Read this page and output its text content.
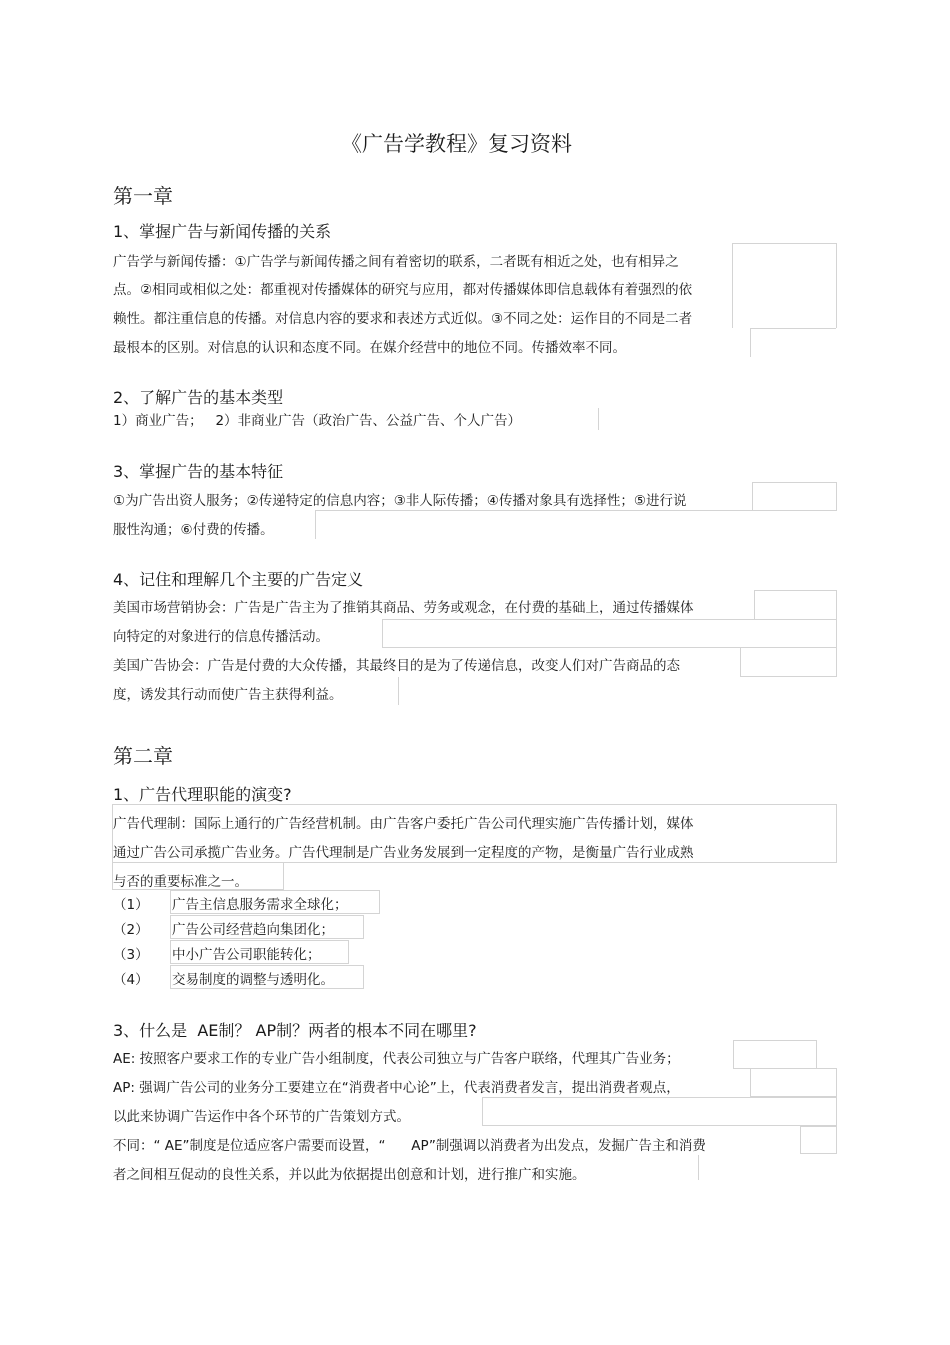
《广告学教程》复习资料
第一章
1、掌握广告与新闻传播的关系
广告学与新闻传播：①广告学与新闻传播之间有着密切的联系，二者既有相近之处，也有相异之
点。②相同或相似之处：都重视对传播媒体的研究与应用，都对传播媒体即信息载体有着强烈的依
赖性。都注重信息的传播。对信息内容的要求和表述方式近似。③不同之处：运作目的不同是二者
最根本的区别。对信息的认识和态度不同。在媒介经营中的地位不同。传播效率不同。
2、了解广告的基本类型
1）商业广告；   2）非商业广告（政治广告、公益广告、个人广告）
3、掌握广告的基本特征
①为广告出资人服务；②传递特定的信息内容；③非人际传播；④传播对象具有选择性；⑤进行说
服性沟通；⑥付费的传播。
4、记住和理解几个主要的广告定义
美国市场营销协会：广告是广告主为了推销其商品、劳务或观念，在付费的基础上，通过传播媒体
向特定的对象进行的信息传播活动。
美国广告协会：广告是付费的大众传播，其最终目的是为了传递信息，改变人们对广告商品的态
度，诱发其行动而使广告主获得利益。
第二章
1、广告代理职能的演变?
广告代理制：国际上通行的广告经营机制。由广告客户委托广告公司代理实施广告传播计划，媒体
通过广告公司承揽广告业务。广告代理制是广告业务发展到一定程度的产物，是衡量广告行业成熟
与否的重要标准之一。
（1） 广告主信息服务需求全球化；
（2） 广告公司经营趋向集团化；
（3） 中小广告公司职能转化；
（4） 交易制度的调整与透明化。
3、什么是  AE制？ AP制？两者的根本不同在哪里?
AE: 按照客户要求工作的专业广告小组制度，代表公司独立与广告客户联络，代理其广告业务；
AP: 强调广告公司的业务分工要建立在“消费者中心论”上，代表消费者发言，提出消费者观点，
以此来协调广告运作中各个环节的广告策划方式。
不同：“ AE”制度是位适应客户需要而设置，“      AP”制强调以消费者为出发点，发掘广告主和消费
者之间相互促动的良性关系，并以此为依据提出创意和计划，进行推广和实施。
